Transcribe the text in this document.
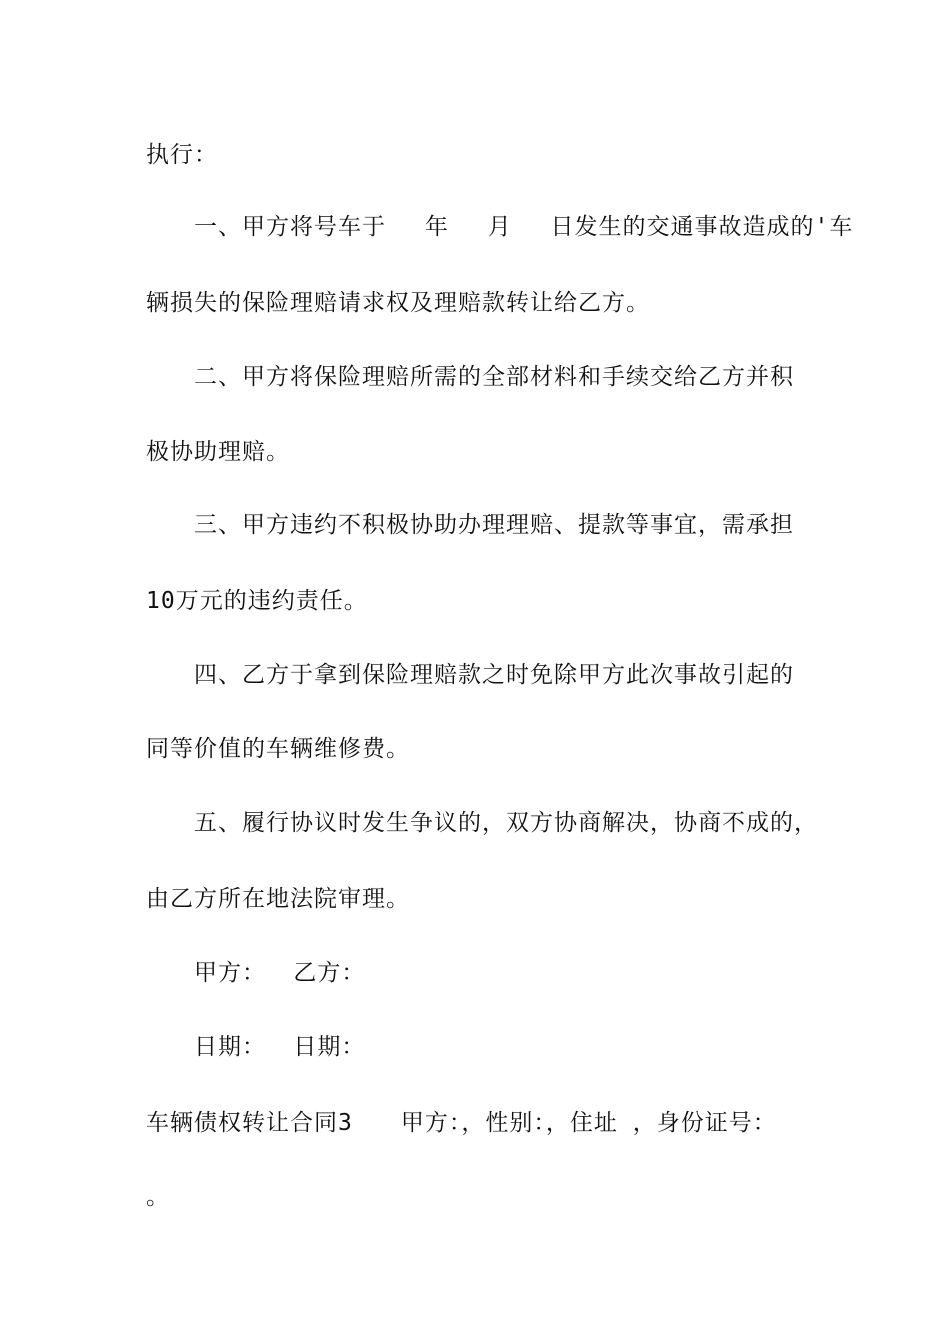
执行：
一、甲方将号车于　 年　 月　 日发生的交通事故造成的'车
辆损失的保险理赔请求权及理赔款转让给乙方。
二、甲方将保险理赔所需的全部材料和手续交给乙方并积
极协助理赔。
三、甲方违约不积极协助办理理赔、提款等事宜，需承担
10万元的违约责任。
四、乙方于拿到保险理赔款之时免除甲方此次事故引起的
同等价值的车辆维修费。
五、履行协议时发生争议的，双方协商解决，协商不成的，
由乙方所在地法院审理。
甲方：　 乙方：
日期：　 日期：
车辆债权转让合同3　　甲方：，性别：，住址 ，身份证号：
。
